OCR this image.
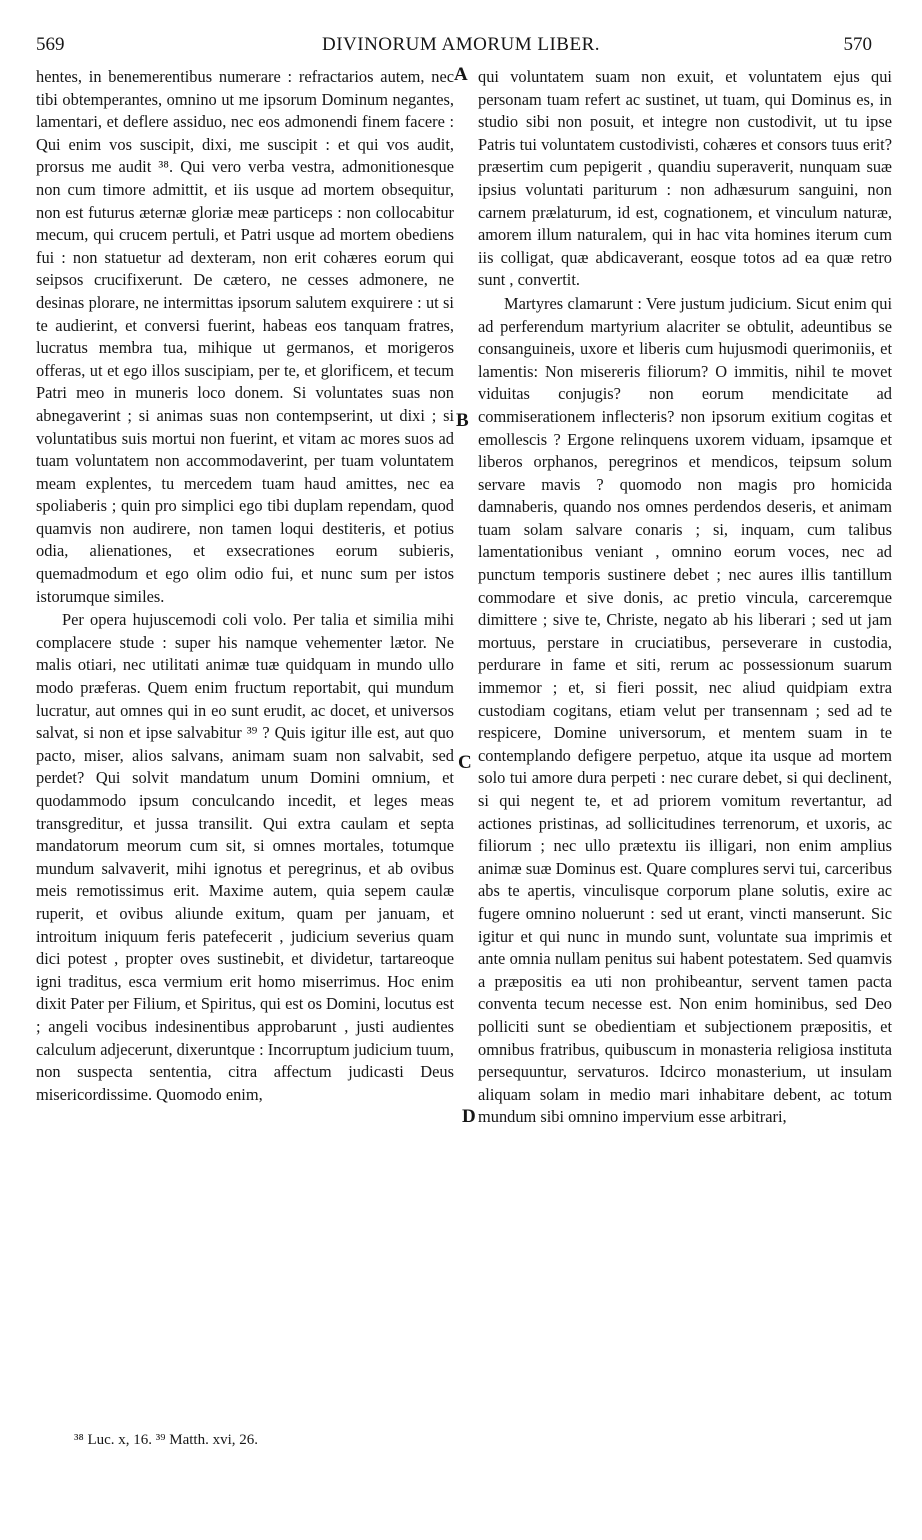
569	DIVINORUM AMORUM LIBER.	570

hentes, in benemerentibus numerare : refractarios autem, nec tibi obtemperantes, omnino ut me ipsorum Dominum negantes, lamentari, et deflere assiduo, nec eos admonendi finem facere : Qui enim vos suscipit, dixi, me suscipit : et qui vos audit, prorsus me audit ³⁸. Qui vero verba vestra, admonitionesque non cum timore admittit, et iis usque ad mortem obsequitur, non est futurus æternæ gloriæ meæ particeps : non collocabitur mecum, qui crucem pertuli, et Patri usque ad mortem obediens fui : non statuetur ad dexteram, non erit cohæres eorum qui seipsos crucifixerunt. De cætero, ne cesses admonere, ne desinas plorare, ne intermittas ipsorum salutem exquirere : ut si te audierint, et conversi fuerint, habeas eos tanquam fratres, lucratus membra tua, mihique ut germanos, et morigeros offeras, ut et ego illos suscipiam, per te, et glorificem, et tecum Patri meo in muneris loco donem. Si voluntates suas non abnegaverint ; si animas suas non contempserint, ut dixi ; si voluntatibus suis mortui non fuerint, et vitam ac mores suos ad tuam voluntatem non accommodaverint, per tuam voluntatem meam explentes, tu mercedem tuam haud amittes, nec ea spoliaberis ; quin pro simplici ego tibi duplam rependam, quod quamvis non audirere, non tamen loqui destiteris, et potius odia, alienationes, et exsecrationes eorum subieris, quemadmodum et ego olim odio fui, et nunc sum per istos istorumque similes.

Per opera hujuscemodi coli volo. Per talia et similia mihi complacere stude : super his namque vehementer lætor. Ne malis otiari, nec utilitati animæ tuæ quidquam in mundo ullo modo præferas. Quem enim fructum reportabit, qui mundum lucratur, aut omnes qui in eo sunt erudit, ac docet, et universos salvat, si non et ipse salvabitur ³⁹ ? Quis igitur ille est, aut quo pacto, miser, alios salvans, animam suam non salvabit, sed perdet? Qui solvit mandatum unum Domini omnium, et quodammodo ipsum conculcando incedit, et leges meas transgreditur, et jussa transilit. Qui extra caulam et septa mandatorum meorum cum sit, si omnes mortales, totumque mundum salvaverit, mihi ignotus et peregrinus, et ab ovibus meis remotissimus erit. Maxime autem, quia sepem caulæ ruperit, et ovibus aliunde exitum, quam per januam, et introitum iniquum feris patefecerit , judicium severius quam dici potest , propter oves sustinebit, et dividetur, tartareoque igni traditus, esca vermium erit homo miserrimus. Hoc enim dixit Pater per Filium, et Spiritus, qui est os Domini, locutus est ; angeli vocibus indesinentibus approbarunt , justi audientes calculum adjecerunt, dixeruntque : Incorruptum judicium tuum, non suspecta sententia, citra affectum judicasti Deus misericordissime. Quomodo enim,

qui voluntatem suam non exuit, et voluntatem ejus qui personam tuam refert ac sustinet, ut tuam, qui Dominus es, in studio sibi non posuit, et integre non custodivit, ut tu ipse Patris tui voluntatem custodivisti, cohæres et consors tuus erit? præsertim cum pepigerit , quandiu superaverit, nunquam suæ ipsius voluntati pariturum : non adhæsurum sanguini, non carnem prælaturum, id est, cognationem, et vinculum naturæ, amorem illum naturalem, qui in hac vita homines iterum cum iis colligat, quæ abdicaverant, eosque totos ad ea quæ retro sunt , convertit.

Martyres clamarunt : Vere justum judicium. Sicut enim qui ad perferendum martyrium alacriter se obtulit, adeuntibus se consanguineis, uxore et liberis cum hujusmodi querimoniis, et lamentis: Non misereris filiorum? O immitis, nihil te movet viduitas conjugis? non eorum mendicitate ad commiserationem inflecteris? non ipsorum exitium cogitas et emollescis ? Ergone relinquens uxorem viduam, ipsamque et liberos orphanos, peregrinos et mendicos, teipsum solum servare mavis ? quomodo non magis pro homicida damnaberis, quando nos omnes perdendos deseris, et animam tuam solam salvare conaris ; si, inquam, cum talibus lamentationibus veniant , omnino eorum voces, nec ad punctum temporis sustinere debet ; nec aures illis tantillum commodare et sive donis, ac pretio vincula, carceremque dimittere ; sive te, Christe, negato ab his liberari ; sed ut jam mortuus, perstare in cruciatibus, perseverare in custodia, perdurare in fame et siti, rerum ac possessionum suarum immemor ; et, si fieri possit, nec aliud quidpiam extra custodiam cogitans, etiam velut per transennam ; sed ad te respicere, Domine universorum, et mentem suam in te contemplando defigere perpetuo, atque ita usque ad mortem solo tui amore dura perpeti : nec curare debet, si qui declinent, si qui negent te, et ad priorem vomitum revertantur, ad actiones pristinas, ad sollicitudines terrenorum, et uxoris, ac filiorum ; nec ullo prætextu iis illigari, non enim amplius animæ suæ Dominus est. Quare complures servi tui, carceribus abs te apertis, vinculisque corporum plane solutis, exire ac fugere omnino noluerunt : sed ut erant, vincti manserunt. Sic igitur et qui nunc in mundo sunt, voluntate sua imprimis et ante omnia nullam penitus sui habent potestatem. Sed quamvis a præpositis ea uti non prohibeantur, servent tamen pacta conventa tecum necesse est. Non enim hominibus, sed Deo polliciti sunt se obedientiam et subjectionem præpositis, et omnibus fratribus, quibuscum in monasteria religiosa instituta persequuntur, servaturos. Idcirco monasterium, ut insulam aliquam solam in medio mari inhabitare debent, ac totum mundum sibi omnino impervium esse arbitrari,

A
B
C
D
³⁸ Luc. x, 16. ³⁹ Matth. xvi, 26.
